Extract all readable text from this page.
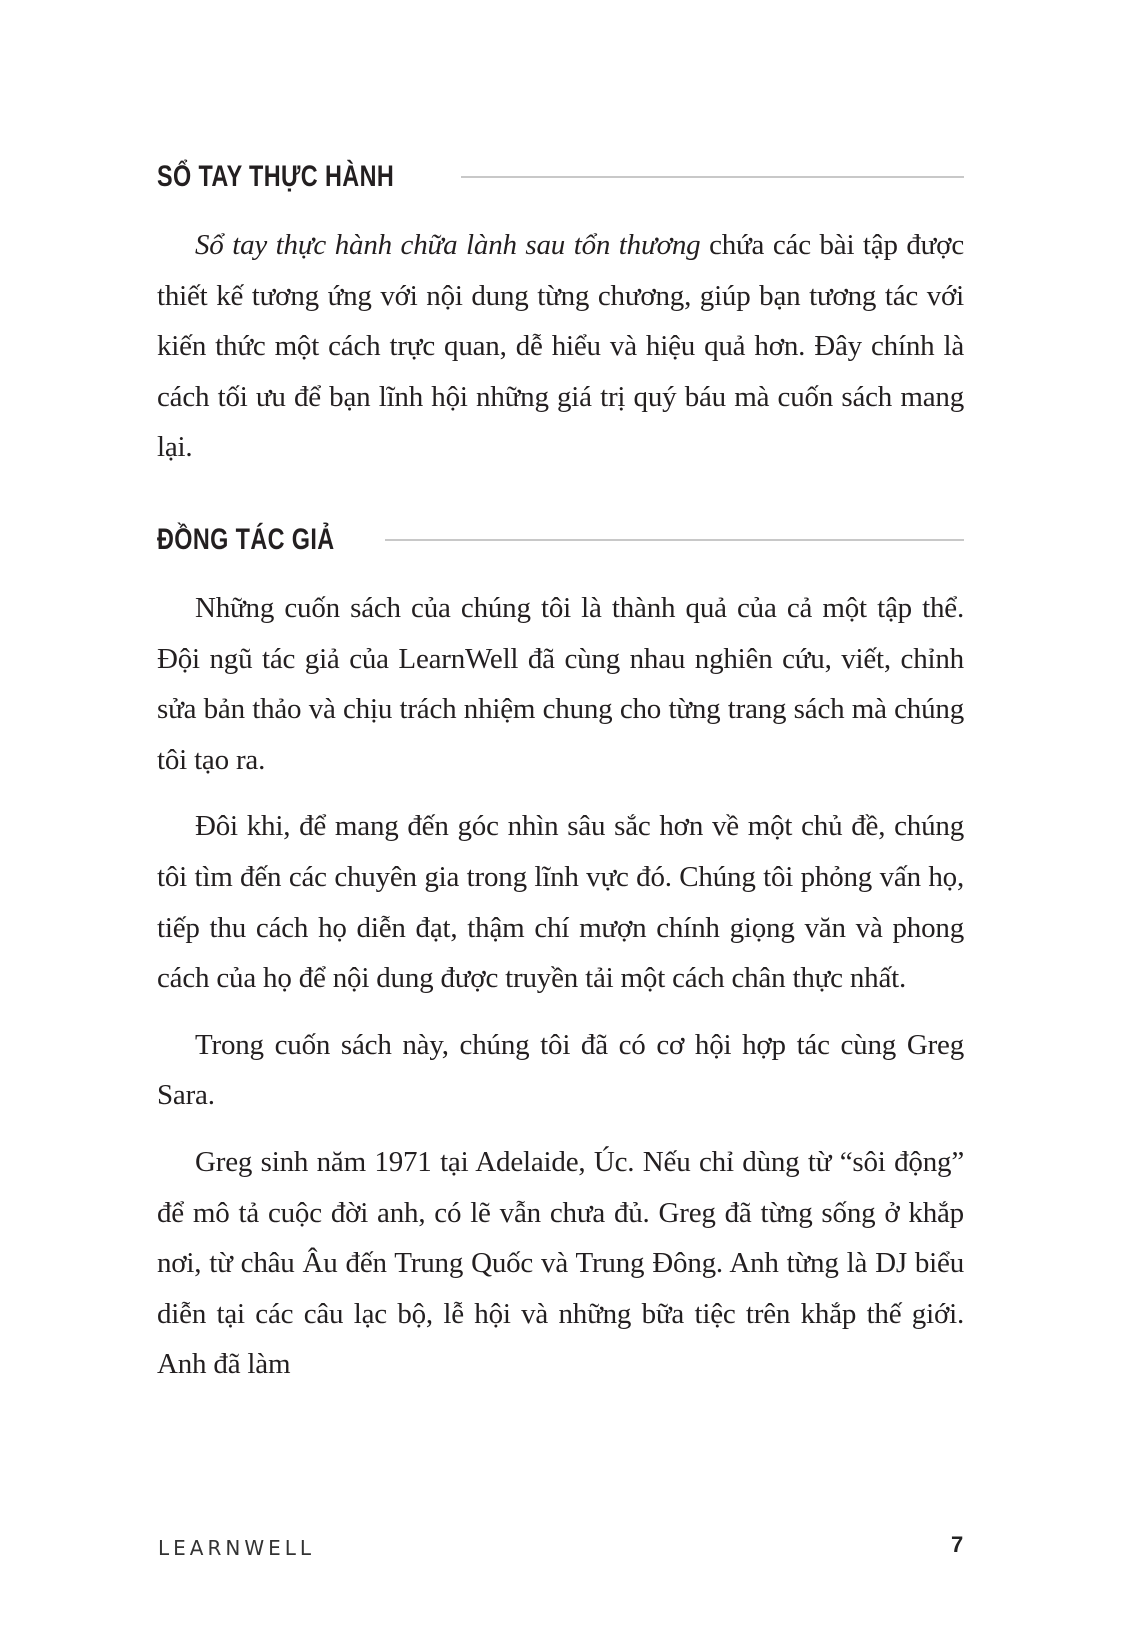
SỔ TAY THỰC HÀNH

Sổ tay thực hành chữa lành sau tổn thương chứa các bài tập được thiết kế tương ứng với nội dung từng chương, giúp bạn tương tác với kiến thức một cách trực quan, dễ hiểu và hiệu quả hơn. Đây chính là cách tối ưu để bạn lĩnh hội những giá trị quý báu mà cuốn sách mang lại.

ĐỒNG TÁC GIẢ

Những cuốn sách của chúng tôi là thành quả của cả một tập thể. Đội ngũ tác giả của LearnWell đã cùng nhau nghiên cứu, viết, chỉnh sửa bản thảo và chịu trách nhiệm chung cho từng trang sách mà chúng tôi tạo ra.

Đôi khi, để mang đến góc nhìn sâu sắc hơn về một chủ đề, chúng tôi tìm đến các chuyên gia trong lĩnh vực đó. Chúng tôi phỏng vấn họ, tiếp thu cách họ diễn đạt, thậm chí mượn chính giọng văn và phong cách của họ để nội dung được truyền tải một cách chân thực nhất.

Trong cuốn sách này, chúng tôi đã có cơ hội hợp tác cùng Greg Sara.

Greg sinh năm 1971 tại Adelaide, Úc. Nếu chỉ dùng từ “sôi động” để mô tả cuộc đời anh, có lẽ vẫn chưa đủ. Greg đã từng sống ở khắp nơi, từ châu Âu đến Trung Quốc và Trung Đông. Anh từng là DJ biểu diễn tại các câu lạc bộ, lễ hội và những bữa tiệc trên khắp thế giới. Anh đã làm

LEARNWELL	7
